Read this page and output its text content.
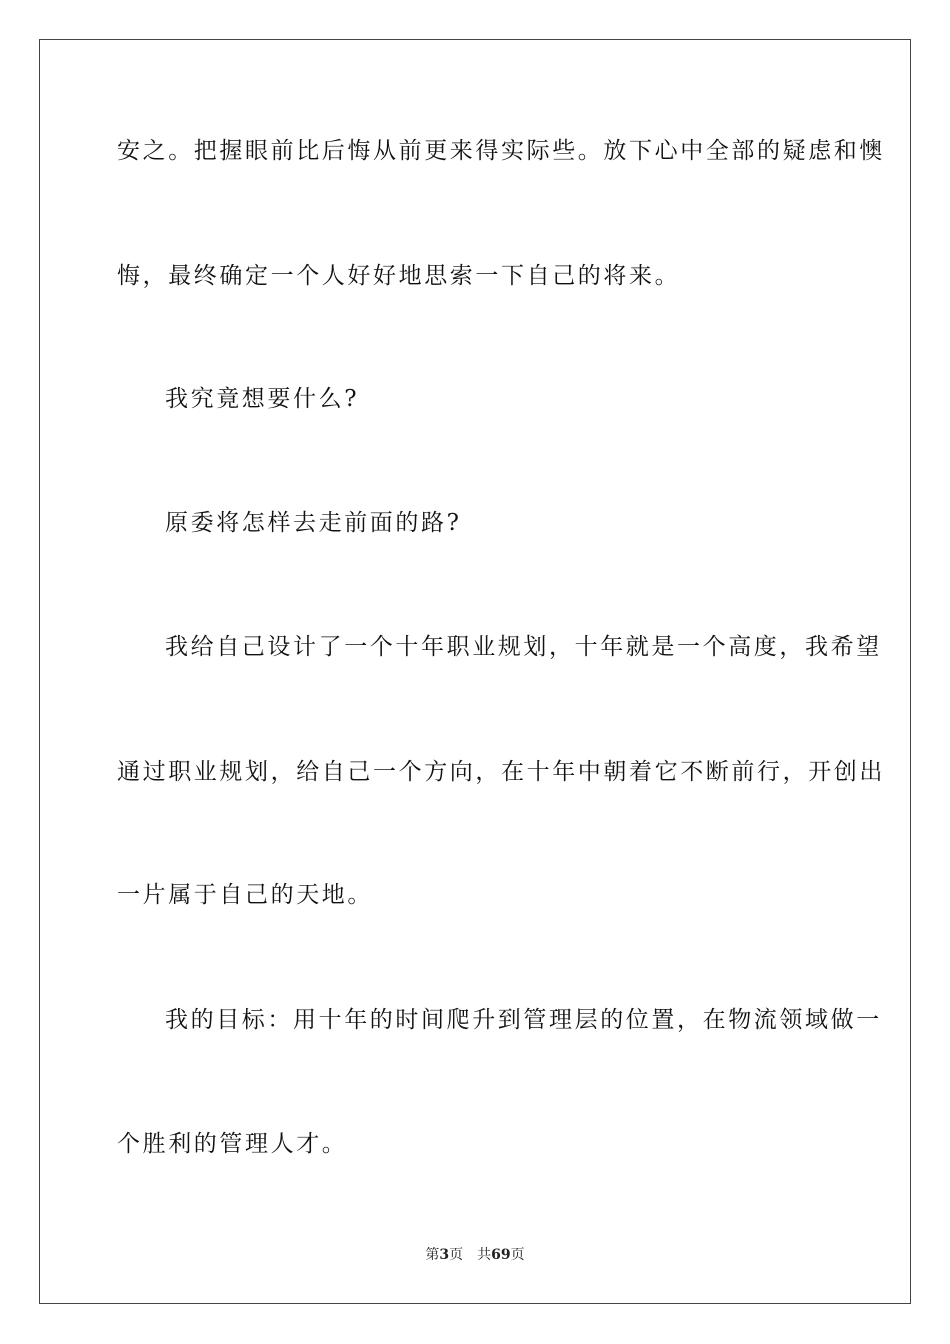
安之。把握眼前比后悔从前更来得实际些。放下心中全部的疑虑和懊
悔，最终确定一个人好好地思索一下自己的将来。
我究竟想要什么?
原委将怎样去走前面的路?
我给自己设计了一个十年职业规划，十年就是一个高度，我希望
通过职业规划，给自己一个方向，在十年中朝着它不断前行，开创出
一片属于自己的天地。
我的目标：用十年的时间爬升到管理层的位置，在物流领域做一
个胜利的管理人才。
第3页 共69页
